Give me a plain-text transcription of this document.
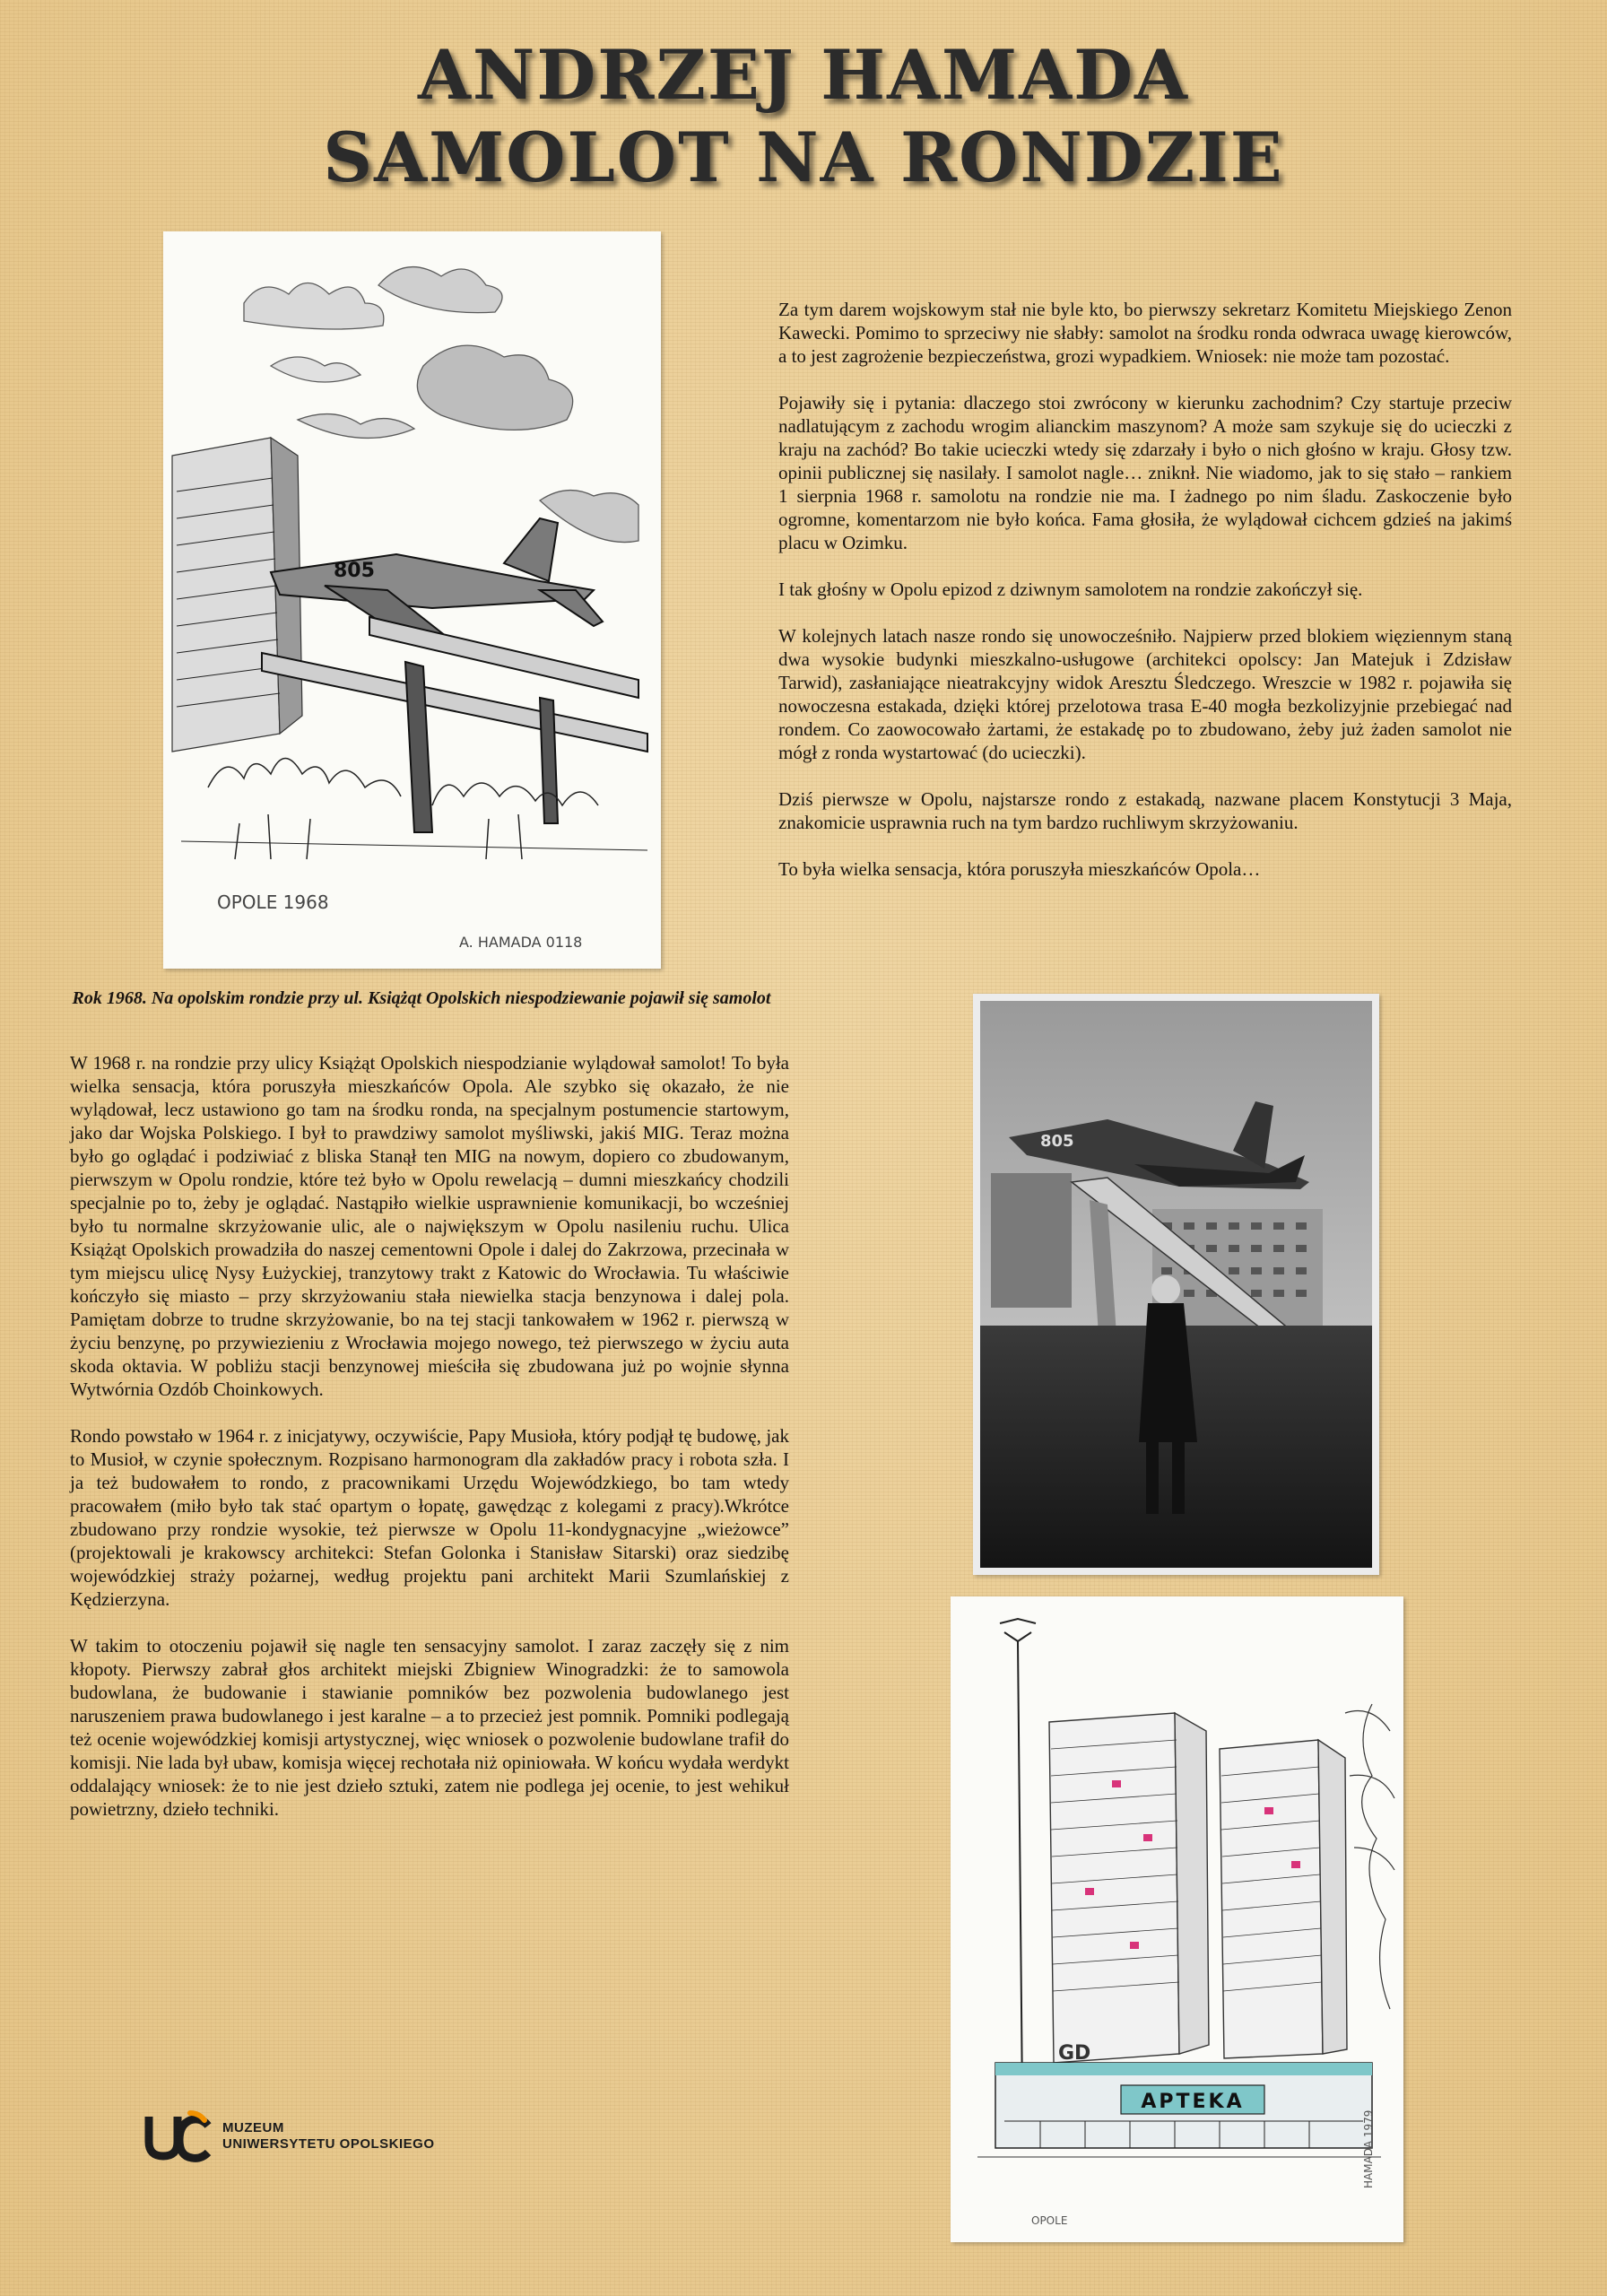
ANDRZEJ HAMADA
SAMOLOT NA RONDZIE
805
OPOLE 1968
A. HAMADA 0118
Rok 1968. Na opolskim rondzie przy ul. Książąt Opolskich niespodziewanie pojawił się samolot

Za tym darem wojskowym stał nie byle kto, bo pierwszy sekretarz Komitetu Miejskiego Zenon Kawecki. Pomimo to sprzeciwy nie słabły: samolot na środku ronda odwraca uwagę kierowców, a to jest zagrożenie bezpieczeństwa, grozi wypadkiem. Wniosek: nie może tam pozostać.

Pojawiły się i pytania: dlaczego stoi zwrócony w kierunku zachodnim? Czy startuje przeciw nadlatującym z zachodu wrogim alianckim maszynom? A może sam szykuje się do ucieczki z kraju na zachód? Bo takie ucieczki wtedy się zdarzały i było o nich głośno w kraju. Głosy tzw. opinii publicznej się nasilały. I samolot nagle… zniknł. Nie wiadomo, jak to się stało – rankiem 1 sierpnia 1968 r. samolotu na rondzie nie ma. I żadnego po nim śladu. Zaskoczenie było ogromne, komentarzom nie było końca. Fama głosiła, że wylądował cichcem gdzieś na jakimś placu w Ozimku.

I tak głośny w Opolu epizod z dziwnym samolotem na rondzie zakończył się.

W kolejnych latach nasze rondo się unowocześniło. Najpierw przed blokiem więziennym staną dwa wysokie budynki mieszkalno-usługowe (architekci opolscy: Jan Matejuk i Zdzisław Tarwid), zasłaniające nieatrakcyjny widok Aresztu Śledczego. Wreszcie w 1982 r. pojawiła się nowoczesna estakada, dzięki której przelotowa trasa E-40 mogła bezkolizyjnie przebiegać nad rondem. Co zaowocowało żartami, że estakadę po to zbudowano, żeby już żaden samolot nie mógł z ronda wystartować (do ucieczki).

Dziś pierwsze w Opolu, najstarsze rondo z estakadą, nazwane placem Konstytucji 3 Maja, znakomicie usprawnia ruch na tym bardzo ruchliwym skrzyżowaniu.

To była wielka sensacja, która poruszyła mieszkańców Opola…

W 1968 r. na rondzie przy ulicy Książąt Opolskich niespodzianie wylądował samolot! To była wielka sensacja, która poruszyła mieszkańców Opola. Ale szybko się okazało, że nie wylądował, lecz ustawiono go tam na środku ronda, na specjalnym postumencie startowym, jako dar Wojska Polskiego. I był to prawdziwy samolot myśliwski, jakiś MIG. Teraz można było go oglądać i podziwiać z bliska Stanął ten MIG na nowym, dopiero co zbudowanym, pierwszym w Opolu rondzie, które też było w Opolu rewelacją – dumni mieszkańcy chodzili specjalnie po to, żeby je oglądać. Nastąpiło wielkie usprawnienie komunikacji, bo wcześniej było tu normalne skrzyżowanie ulic, ale o największym w Opolu nasileniu ruchu. Ulica Książąt Opolskich prowadziła do naszej cementowni Opole i dalej do Zakrzowa, przecinała w tym miejscu ulicę Nysy Łużyckiej, tranzytowy trakt z Katowic do Wrocławia. Tu właściwie kończyło się miasto – przy skrzyżowaniu stała niewielka stacja benzynowa i dalej pola. Pamiętam dobrze to trudne skrzyżowanie, bo na tej stacji tankowałem w 1962 r. pierwszą w życiu benzynę, po przywiezieniu z Wrocławia mojego nowego, też pierwszego w życiu auta skoda oktavia. W pobliżu stacji benzynowej mieściła się zbudowana już po wojnie słynna Wytwórnia Ozdób Choinkowych.

Rondo powstało w 1964 r. z inicjatywy, oczywiście, Papy Musioła, który podjął tę budowę, jak to Musioł, w czynie społecznym. Rozpisano harmonogram dla zakładów pracy i robota szła. I ja też budowałem to rondo, z pracownikami Urzędu Wojewódzkiego, bo tam wtedy pracowałem (miło było tak stać opartym o łopatę, gawędząc z kolegami z pracy).Wkrótce zbudowano przy rondzie wysokie, też pierwsze w Opolu 11-kondygnacyjne „wieżowce” (projektowali je krakowscy architekci: Stefan Golonka i Stanisław Sitarski) oraz siedzibę wojewódzkiej straży pożarnej, według projektu pani architekt Marii Szumlańskiej z Kędzierzyna.

W takim to otoczeniu pojawił się nagle ten sensacyjny samolot. I zaraz zaczęły się z nim kłopoty. Pierwszy zabrał głos architekt miejski Zbigniew Winogradzki: że to samowola budowlana, że budowanie i stawianie pomników bez pozwolenia budowlanego jest naruszeniem prawa budowlanego i jest karalne – a to przecież jest pomnik. Pomniki podlegają też ocenie wojewódzkiej komisji artystycznej, więc wniosek o pozwolenie budowlane trafił do komisji. Nie lada był ubaw, komisja więcej rechotała niż opiniowała. W końcu wydała werdykt oddalający wniosek: że to nie jest dzieło sztuki, zatem nie podlega jej ocenie, to jest wehikuł powietrzny, dzieło techniki.

805
GD
APTEKA
HAMADA 1979
OPOLE
MUZEUM
UNIWERSYTETU OPOLSKIEGO
